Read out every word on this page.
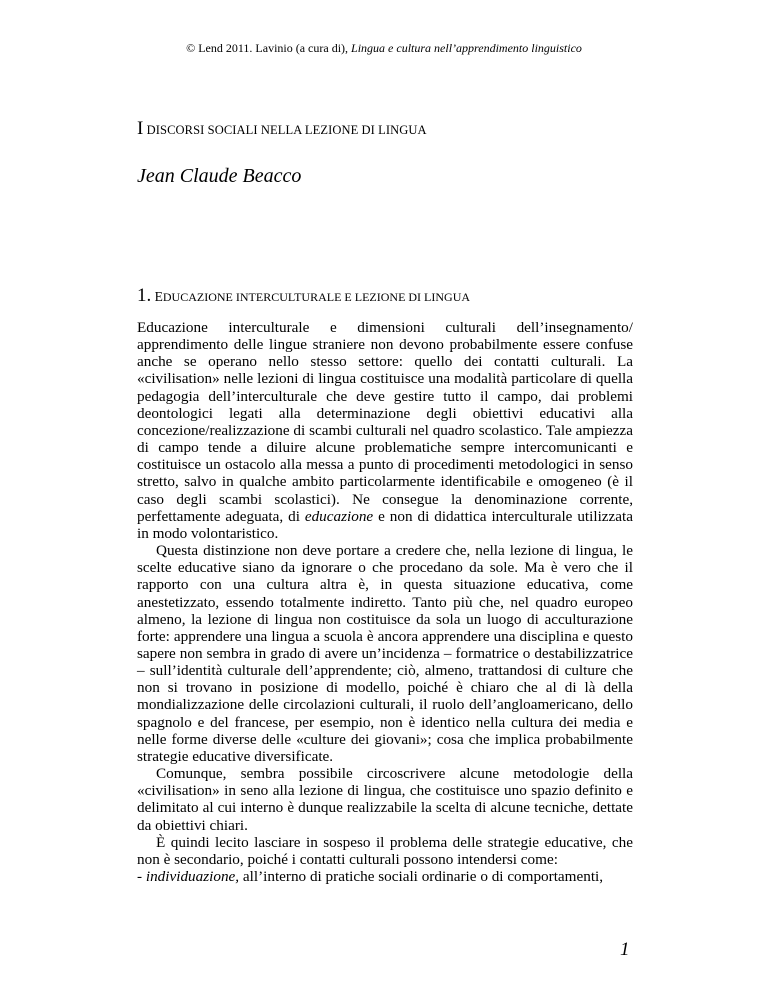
© Lend 2011. Lavinio (a cura di), Lingua e cultura nell’apprendimento linguistico
I DISCORSI SOCIALI NELLA LEZIONE DI LINGUA
Jean Claude Beacco
1. EDUCAZIONE INTERCULTURALE E LEZIONE DI LINGUA

Educazione interculturale e dimensioni culturali dell’insegnamento/ apprendimento delle lingue straniere non devono probabilmente essere confuse anche se operano nello stesso settore: quello dei contatti culturali. La «civilisation» nelle lezioni di lingua costituisce una modalità particolare di quella pedagogia dell’interculturale che deve gestire tutto il campo, dai problemi deontologici legati alla determinazione degli obiettivi educativi alla concezione/realizzazione di scambi culturali nel quadro scolastico. Tale ampiezza di campo tende a diluire alcune problematiche sempre intercomunicanti e costituisce un ostacolo alla messa a punto di procedimenti metodologici in senso stretto, salvo in qualche ambito particolarmente identificabile e omogeneo (è il caso degli scambi scolastici). Ne consegue la denominazione corrente, perfettamente adeguata, di educazione e non di didattica interculturale utilizzata in modo volontaristico.

Questa distinzione non deve portare a credere che, nella lezione di lingua, le scelte educative siano da ignorare o che procedano da sole. Ma è vero che il rapporto con una cultura altra è, in questa situazione educativa, come anestetizzato, essendo totalmente indiretto. Tanto più che, nel quadro europeo almeno, la lezione di lingua non costituisce da sola un luogo di acculturazione forte: apprendere una lingua a scuola è ancora apprendere una disciplina e questo sapere non sembra in grado di avere un’incidenza – formatrice o destabilizzatrice – sull’identità culturale dell’apprendente; ciò, almeno, trattandosi di culture che non si trovano in posizione di modello, poiché è chiaro che al di là della mondializzazione delle circolazioni culturali, il ruolo dell’angloamericano, dello spagnolo e del francese, per esempio, non è identico nella cultura dei media e nelle forme diverse delle «culture dei giovani»; cosa che implica probabilmente strategie educative diversificate.

Comunque, sembra possibile circoscrivere alcune metodologie della «civilisation» in seno alla lezione di lingua, che costituisce uno spazio definito e delimitato al cui interno è dunque realizzabile la scelta di alcune tecniche, dettate da obiettivi chiari.

È quindi lecito lasciare in sospeso il problema delle strategie educative, che non è secondario, poiché i contatti culturali possono intendersi come:

- individuazione, all’interno di pratiche sociali ordinarie o di comportamenti,

1
